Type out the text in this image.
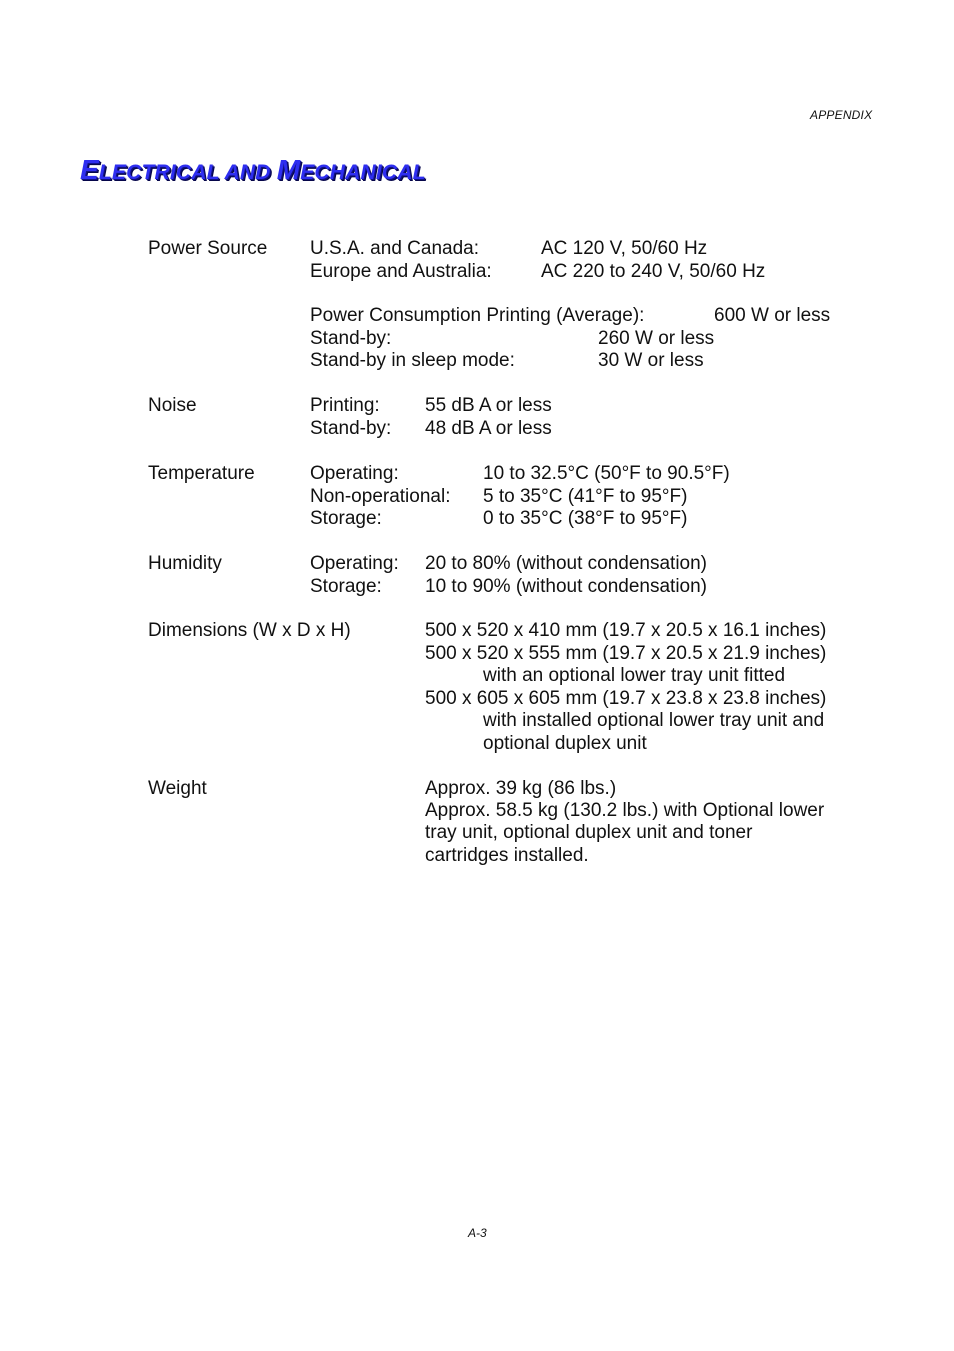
APPENDIX
ELECTRICAL AND MECHANICAL
Power Source U.S.A. and Canada:	AC 120 V, 50/60 Hz
Europe and Australia:	AC 220 to 240 V, 50/60 Hz
Power Consumption Printing (Average):	600 W or less
Stand-by:	260 W or less
Stand-by in sleep mode:	30 W or less
Noise	Printing: 55 dB A or less
Stand-by: 48 dB A or less
Temperature	Operating:	10 to 32.5°C (50°F to 90.5°F)
Non-operational: 5 to 35°C (41°F to 95°F)
Storage:	0 to 35°C (38°F to 95°F)
Humidity	Operating: 20 to 80% (without condensation)
Storage: 10 to 90% (without condensation)
Dimensions (W x D x H)	500 x 520 x 410 mm (19.7 x 20.5 x 16.1 inches)
500 x 520 x 555 mm (19.7 x 20.5 x 21.9 inches)
with an optional lower tray unit fitted
500 x 605 x 605 mm (19.7 x 23.8 x 23.8 inches)
with installed optional lower tray unit and
optional duplex unit
Weight	Approx. 39 kg (86 lbs.)
Approx. 58.5 kg (130.2 lbs.) with Optional lower
tray unit, optional duplex unit and toner
cartridges installed.
A-3
